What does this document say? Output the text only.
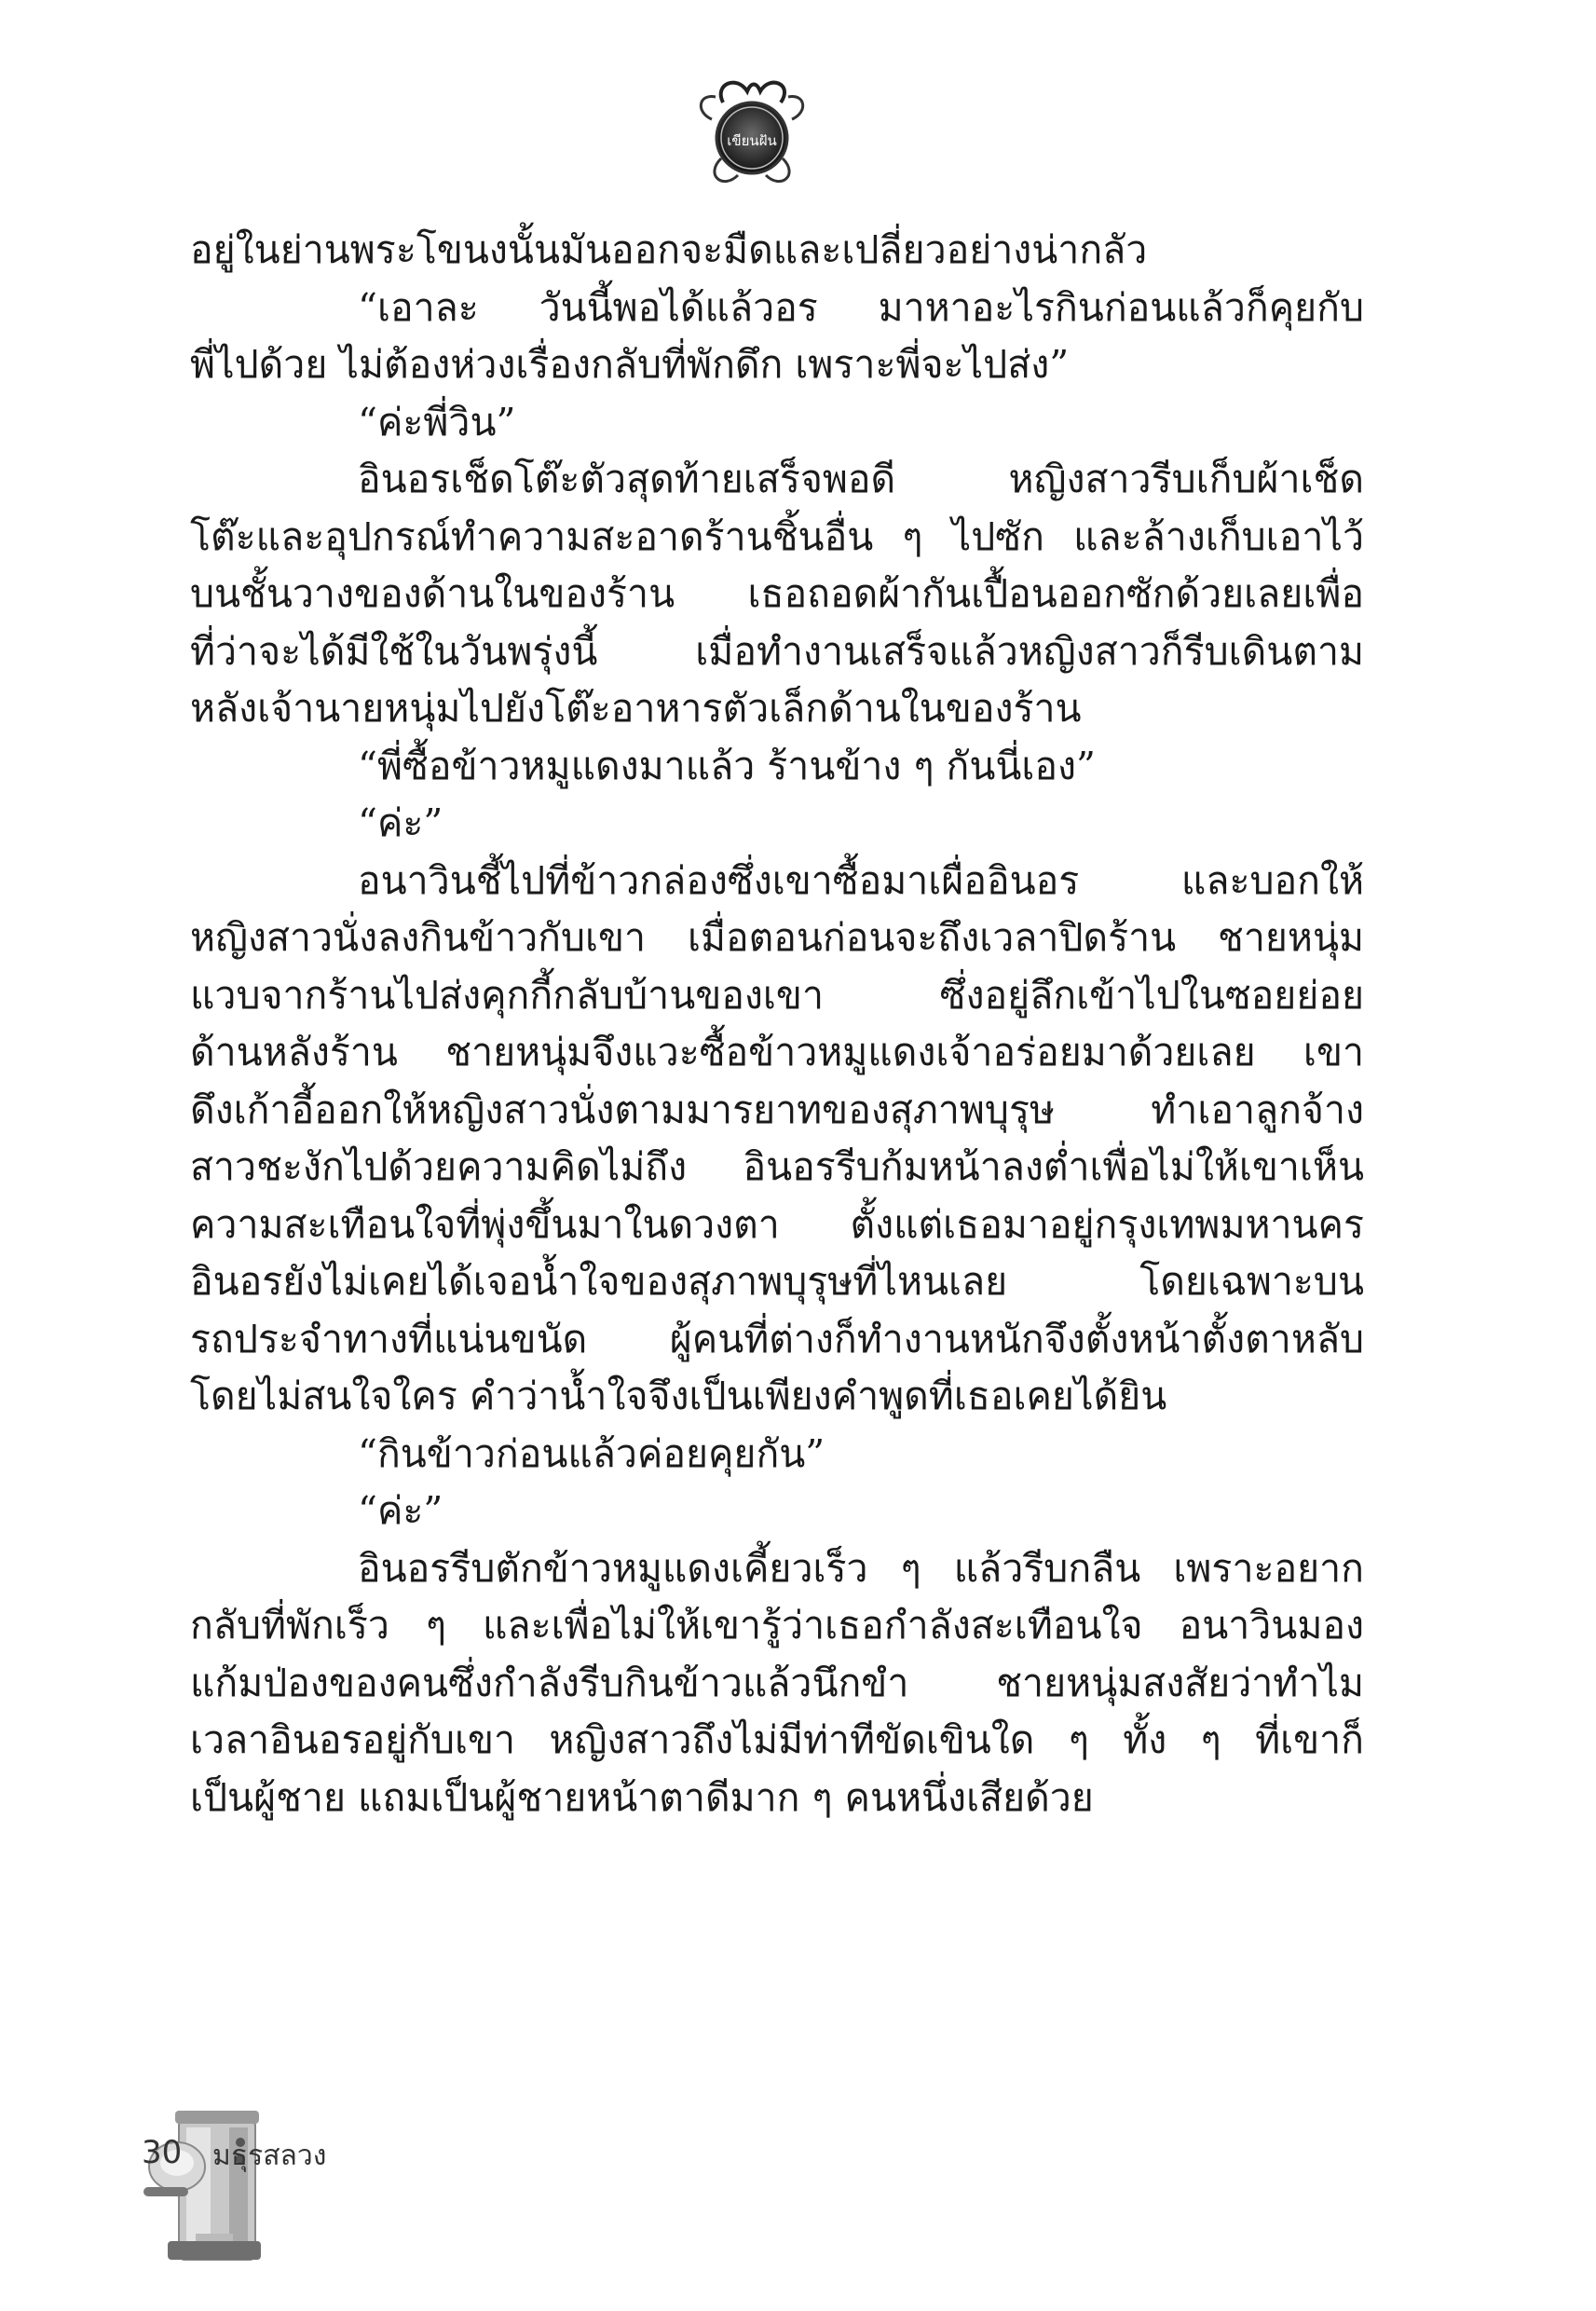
เขียนฝัน
อยู่ในย่านพระโขนงนั้นมันออกจะมืดและเปลี่ยวอย่างน่ากลัว
“เอาละ วันนี้พอได้แล้วอร มาหาอะไรกินก่อนแล้วก็คุยกับ
พี่ไปด้วย ไม่ต้องห่วงเรื่องกลับที่พักดึก เพราะพี่จะไปส่ง”
“ค่ะพี่วิน”
อินอรเช็ดโต๊ะตัวสุดท้ายเสร็จพอดี หญิงสาวรีบเก็บผ้าเช็ด
โต๊ะและอุปกรณ์ทำความสะอาดร้านชิ้นอื่น ๆ ไปซัก และล้างเก็บเอาไว้
บนชั้นวางของด้านในของร้าน เธอถอดผ้ากันเปื้อนออกซักด้วยเลยเพื่อ
ที่ว่าจะได้มีใช้ในวันพรุ่งนี้ เมื่อทำงานเสร็จแล้วหญิงสาวก็รีบเดินตาม
หลังเจ้านายหนุ่มไปยังโต๊ะอาหารตัวเล็กด้านในของร้าน
“พี่ซื้อข้าวหมูแดงมาแล้ว ร้านข้าง ๆ กันนี่เอง”
“ค่ะ”
อนาวินชี้ไปที่ข้าวกล่องซึ่งเขาซื้อมาเผื่ออินอร และบอกให้
หญิงสาวนั่งลงกินข้าวกับเขา เมื่อตอนก่อนจะถึงเวลาปิดร้าน ชายหนุ่ม
แวบจากร้านไปส่งคุกกี้กลับบ้านของเขา ซึ่งอยู่ลึกเข้าไปในซอยย่อย
ด้านหลังร้าน ชายหนุ่มจึงแวะซื้อข้าวหมูแดงเจ้าอร่อยมาด้วยเลย เขา
ดึงเก้าอี้ออกให้หญิงสาวนั่งตามมารยาทของสุภาพบุรุษ ทำเอาลูกจ้าง
สาวชะงักไปด้วยความคิดไม่ถึง อินอรรีบก้มหน้าลงต่ำเพื่อไม่ให้เขาเห็น
ความสะเทือนใจที่พุ่งขึ้นมาในดวงตา ตั้งแต่เธอมาอยู่กรุงเทพมหานคร
อินอรยังไม่เคยได้เจอน้ำใจของสุภาพบุรุษที่ไหนเลย โดยเฉพาะบน
รถประจำทางที่แน่นขนัด ผู้คนที่ต่างก็ทำงานหนักจึงตั้งหน้าตั้งตาหลับ
โดยไม่สนใจใคร คำว่าน้ำใจจึงเป็นเพียงคำพูดที่เธอเคยได้ยิน
“กินข้าวก่อนแล้วค่อยคุยกัน”
“ค่ะ”
อินอรรีบตักข้าวหมูแดงเคี้ยวเร็ว ๆ แล้วรีบกลืน เพราะอยาก
กลับที่พักเร็ว ๆ และเพื่อไม่ให้เขารู้ว่าเธอกำลังสะเทือนใจ อนาวินมอง
แก้มป่องของคนซึ่งกำลังรีบกินข้าวแล้วนึกขำ ชายหนุ่มสงสัยว่าทำไม
เวลาอินอรอยู่กับเขา หญิงสาวถึงไม่มีท่าทีขัดเขินใด ๆ ทั้ง ๆ ที่เขาก็
เป็นผู้ชาย แถมเป็นผู้ชายหน้าตาดีมาก ๆ คนหนึ่งเสียด้วย
30 มธุรสลวง
